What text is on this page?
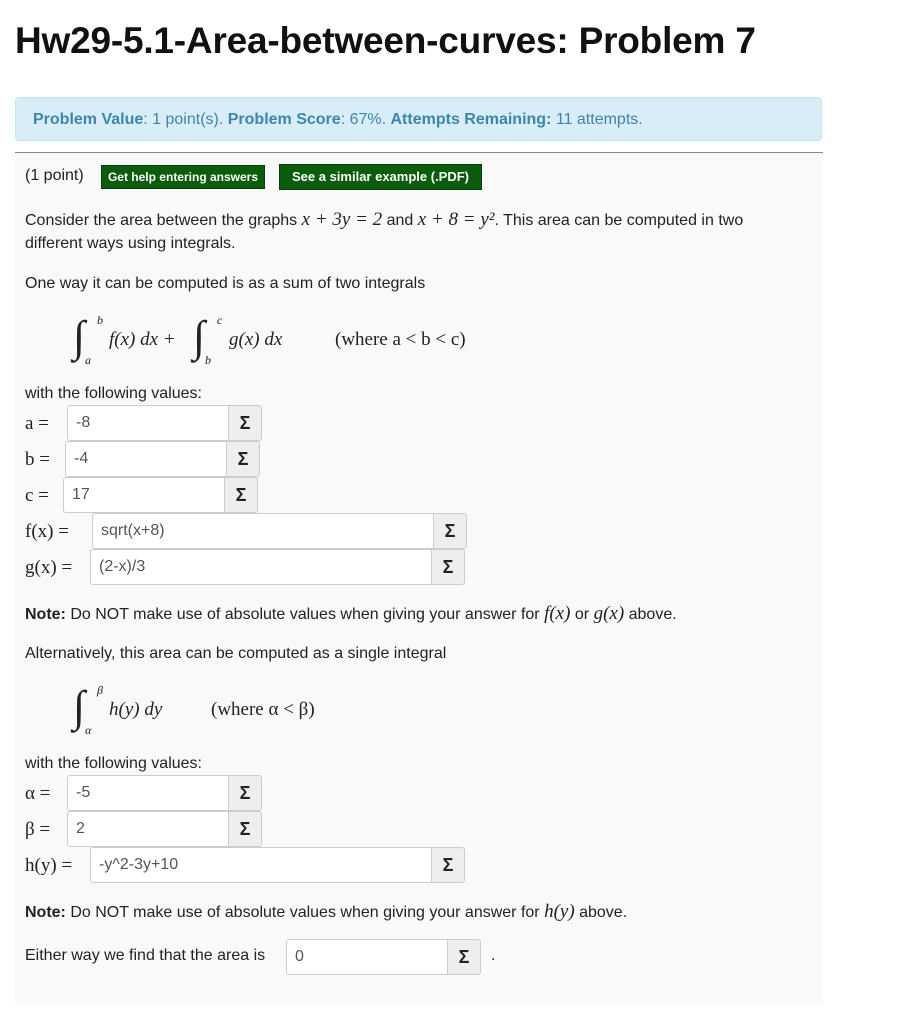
Hw29-5.1-Area-between-curves: Problem 7
Problem Value: 1 point(s). Problem Score: 67%. Attempts Remaining: 11 attempts.
(1 point)	Get help entering answers	See a similar example (.PDF)
Consider the area between the graphs x + 3y = 2 and x + 8 = y². This area can be computed in two
different ways using integrals.
One way it can be computed is as a sum of two integrals
∫ b
a
f(x) dx + ∫ c
b
g(x) dx	(where a < b < c)
with the following values:
a =	-8	Σ
b =	-4	Σ
c =	17	Σ
f(x) =	sqrt(x+8)	Σ
g(x) =	(2-x)/3	Σ
Note: Do NOT make use of absolute values when giving your answer for f(x) or g(x) above.
Alternatively, this area can be computed as a single integral
∫ β
α
h(y) dy	(where α < β)
with the following values:
α =	-5	Σ
β =	2	Σ
h(y) =	-y^2-3y+10	Σ
Note: Do NOT make use of absolute values when giving your answer for h(y) above.
Either way we find that the area is	0	Σ	.
